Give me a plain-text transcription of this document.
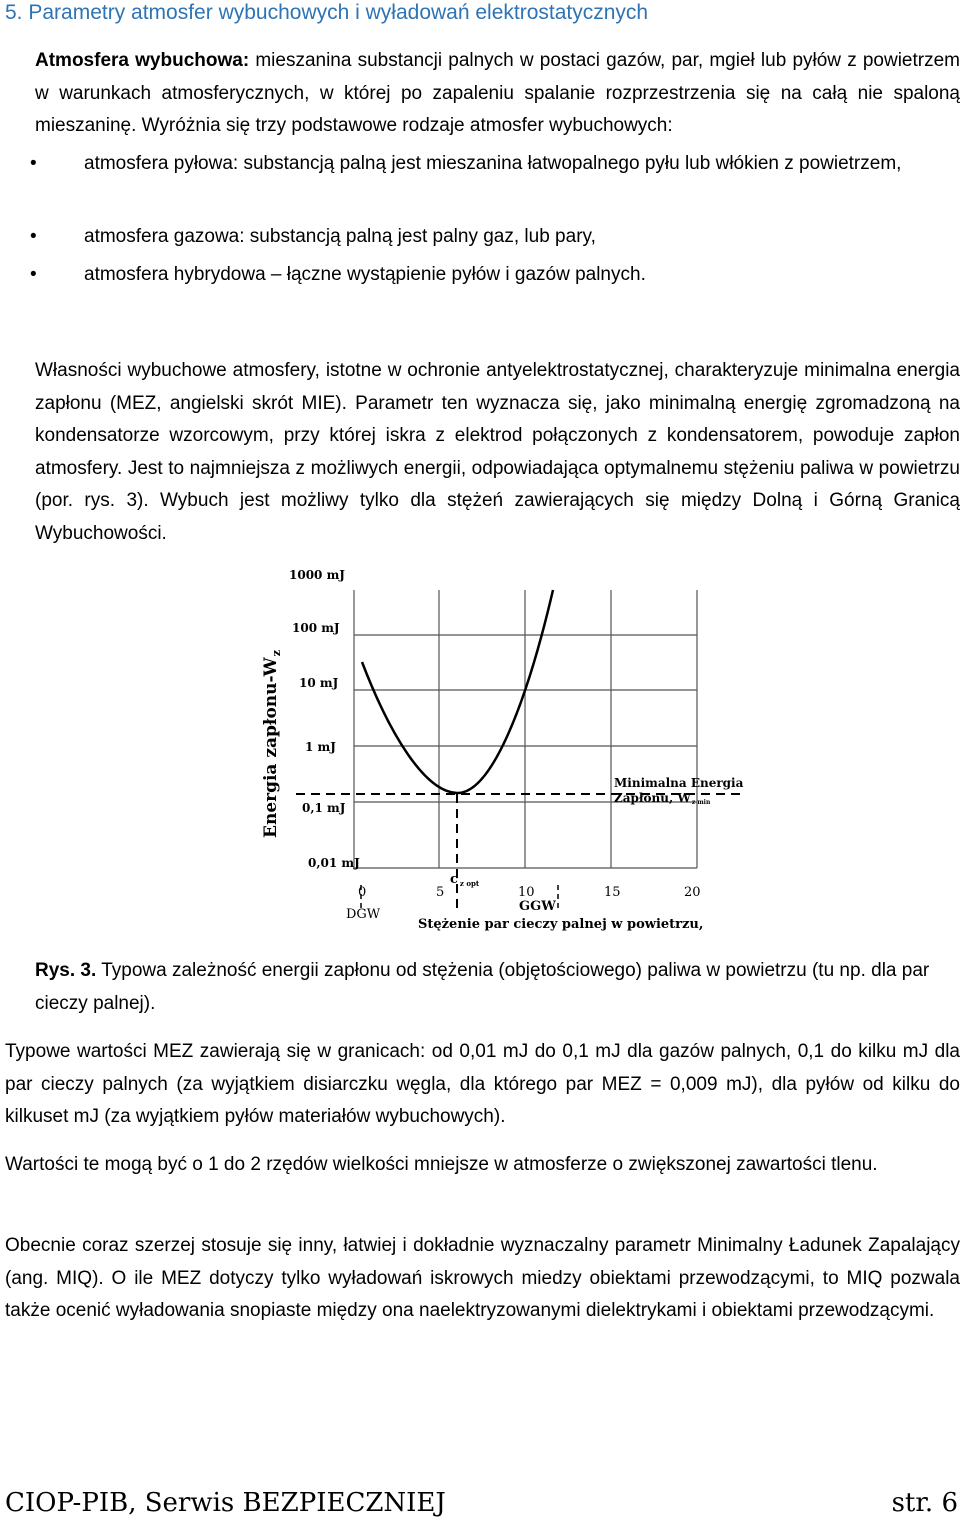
5. Parametry atmosfer wybuchowych i wyładowań elektrostatycznych
Atmosfera wybuchowa: mieszanina substancji palnych w postaci gazów, par, mgieł lub pyłów z powietrzem w warunkach atmosferycznych, w której po zapaleniu spalanie rozprzestrzenia się na całą nie spaloną mieszaninę. Wyróżnia się trzy podstawowe rodzaje atmosfer wybuchowych:
• atmosfera pyłowa: substancją palną jest mieszanina łatwopalnego pyłu lub włókien z powietrzem,
• atmosfera gazowa: substancją palną jest palny gaz, lub pary,
• atmosfera hybrydowa – łączne wystąpienie pyłów i gazów palnych.
Własności wybuchowe atmosfery, istotne w ochronie antyelektrostatycznej, charakteryzuje minimalna energia zapłonu (MEZ, angielski skrót MIE). Parametr ten wyznacza się, jako minimalną energię zgromadzoną na kondensatorze wzorcowym, przy której iskra z elektrod połączonych z kondensatorem, powoduje zapłon atmosfery. Jest to najmniejsza z możliwych energii, odpowiadająca optymalnemu stężeniu paliwa w powietrzu (por. rys. 3). Wybuch jest możliwy tylko dla stężeń zawierających się między Dolną i Górną Granicą Wybuchowości.
1000 mJ
100 mJ
10 mJ
1 mJ
0,1 mJ
0,01 mJ
0	5	10	15	20
c $_{z opt}$
DGW
GGW
Stężenie par cieczy palnej w powietrzu,
Minimalna Energia
Zapłonu, Wz min
Energia zapłonu-$W_z$
Rys. 3. Typowa zależność energii zapłonu od stężenia (objętościowego) paliwa w powietrzu (tu np. dla par cieczy palnej).
Typowe wartości MEZ zawierają się w granicach: od 0,01 mJ do 0,1 mJ dla gazów palnych, 0,1 do kilku mJ dla par cieczy palnych (za wyjątkiem disiarczku węgla, dla którego par MEZ = 0,009 mJ), dla pyłów od kilku do kilkuset mJ (za wyjątkiem pyłów materiałów wybuchowych).
Wartości te mogą być o 1 do 2 rzędów wielkości mniejsze w atmosferze o zwiększonej zawartości tlenu.
Obecnie coraz szerzej stosuje się inny, łatwiej i dokładnie wyznaczalny parametr Minimalny Ładunek Zapalający (ang. MIQ). O ile MEZ dotyczy tylko wyładowań iskrowych miedzy obiektami przewodzącymi, to MIQ pozwala także ocenić wyładowania snopiaste między ona naelektryzowanymi dielektrykami i obiektami przewodzącymi.
CIOP-PIB, Serwis BEZPIECZNIEJ	str. 6
